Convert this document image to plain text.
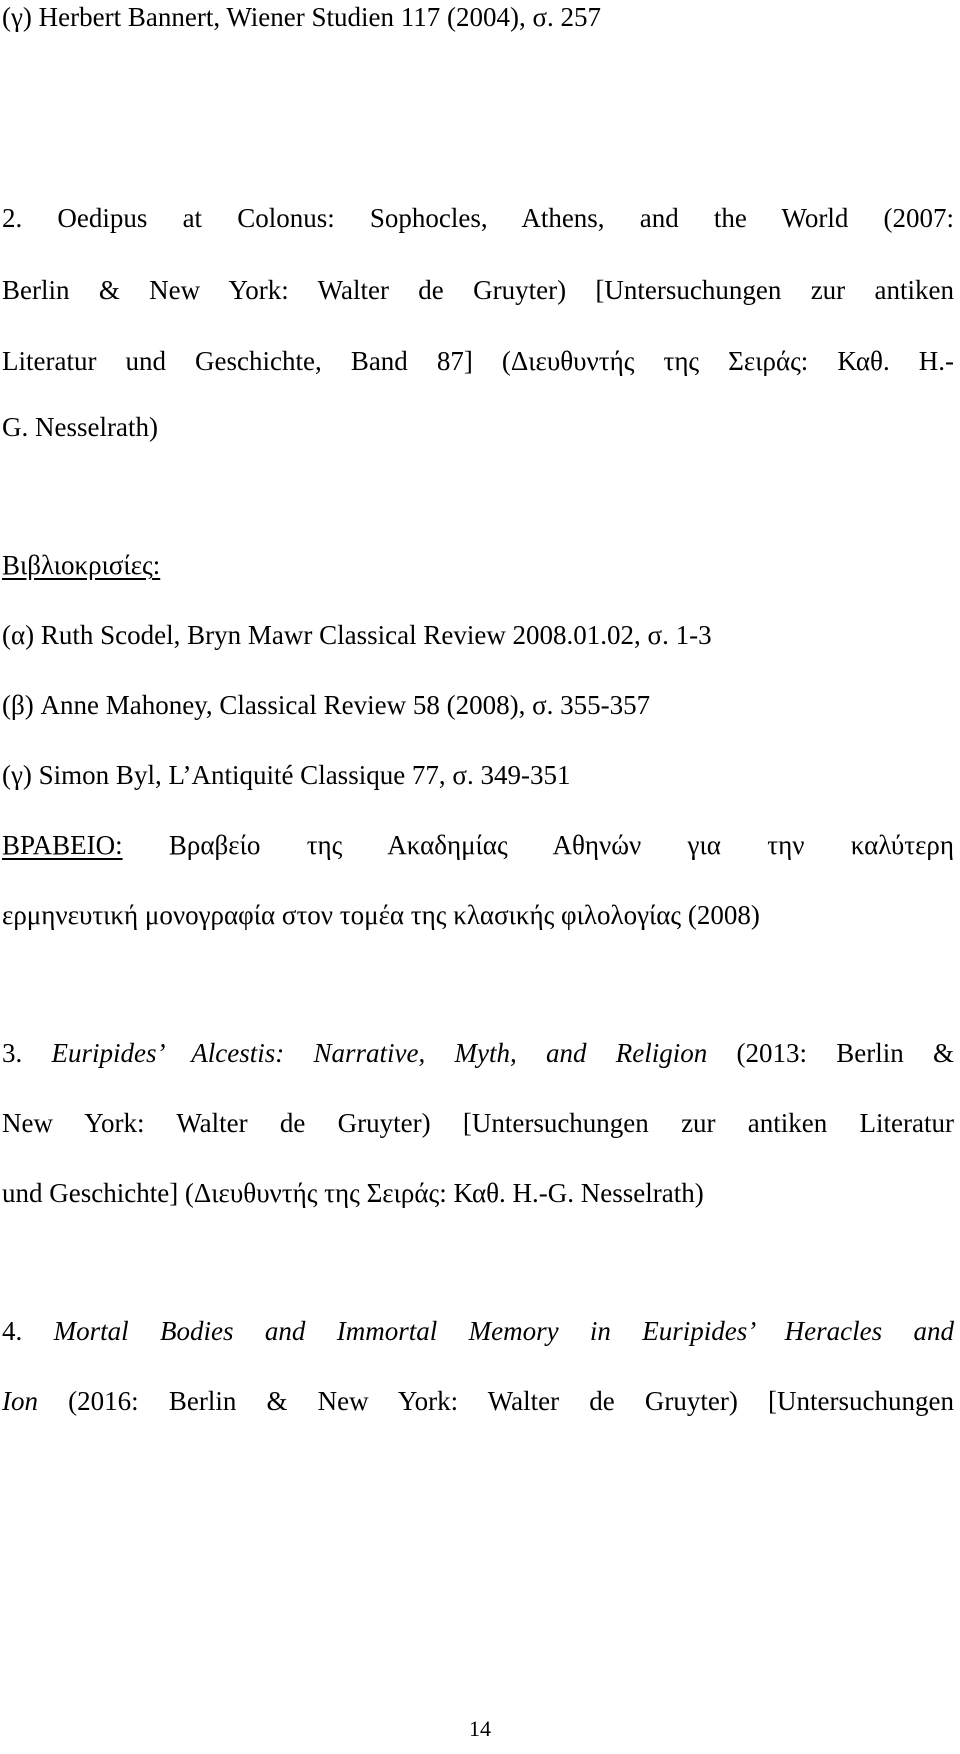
(γ) Herbert Bannert, Wiener Studien 117 (2004), σ. 257
2. Oedipus at Colonus: Sophocles, Athens, and the World (2007:
Berlin & New York: Walter de Gruyter) [Untersuchungen zur antiken
Literatur und Geschichte, Band 87] (Διευθυντής της Σειράς: Καθ. H.-
G. Nesselrath)
Βιβλιοκρισίες:
(α) Ruth Scodel, Bryn Mawr Classical Review 2008.01.02, σ. 1-3
(β) Anne Mahoney, Classical Review 58 (2008), σ. 355-357
(γ) Simon Byl, L’Antiquité Classique 77, σ. 349-351
ΒΡΑΒΕΙΟ: Βραβείο της Ακαδημίας Αθηνών για την καλύτερη
ερμηνευτική μονογραφία στον τομέα της κλασικής φιλολογίας (2008)
3. Euripides’ Alcestis: Narrative, Myth, and Religion (2013: Berlin &
New York: Walter de Gruyter) [Untersuchungen zur antiken Literatur
und Geschichte] (Διευθυντής της Σειράς: Καθ. H.-G. Nesselrath)
4. Mortal Bodies and Immortal Memory in Euripides’ Heracles and
Ion (2016: Berlin & New York: Walter de Gruyter) [Untersuchungen
14
